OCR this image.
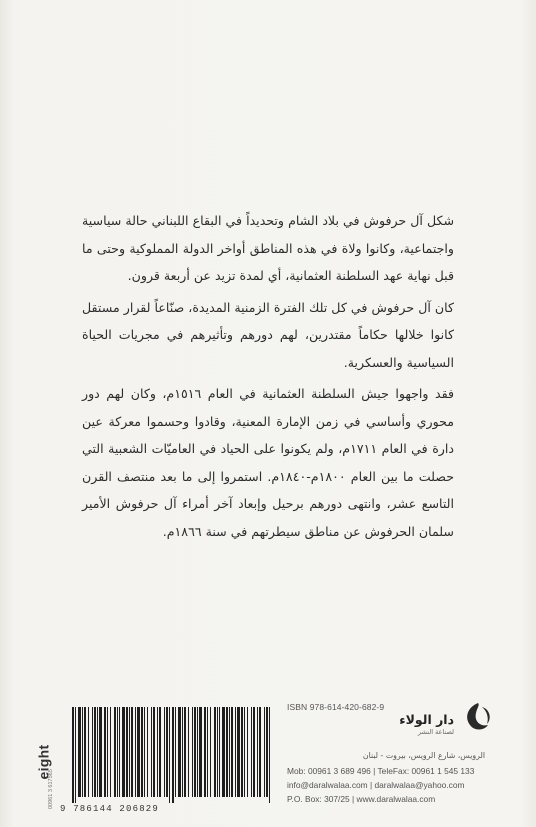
شكل آل حرفوش في بلاد الشام وتحديداً في البقاع اللبناني حالة سياسية واجتماعية، وكانوا ولاة في هذه المناطق أواخر الدولة المملوكية وحتى ما قبل نهاية عهد السلطنة العثمانية، أي لمدة تزيد عن أربعة قرون.

كان آل حرفوش في كل تلك الفترة الزمنية المديدة، صنّاعاً لقرار مستقل كانوا خلالها حكاماً مقتدرين، لهم دورهم وتأثيرهم في مجريات الحياة السياسية والعسكرية.

فقد واجهوا جيش السلطنة العثمانية في العام ١٥١٦م، وكان لهم دور محوري وأساسي في زمن الإمارة المعنية، وقادوا وحسموا معركة عين دارة في العام ١٧١١م، ولم يكونوا على الحياد في العاميّات الشعبية التي حصلت ما بين العام ١٨٠٠م-١٨٤٠م. استمروا إلى ما بعد منتصف القرن التاسع عشر، وانتهى دورهم برحيل وإبعاد آخر أمراء آل حرفوش الأمير سلمان الحرفوش عن مناطق سيطرتهم في سنة ١٨٦٦م.

ISBN 978-614-420-682-9
9 786144 206829
eight
00961 3 617565
دار الولاء
لصناعة النشر
الرويس، شارع الرويس، بيروت - لبنان
Mob: 00961 3 689 496 | TeleFax: 00961 1 545 133
info@daralwalaa.com | daralwalaa@yahoo.com
P.O. Box: 307/25 | www.daralwalaa.com
